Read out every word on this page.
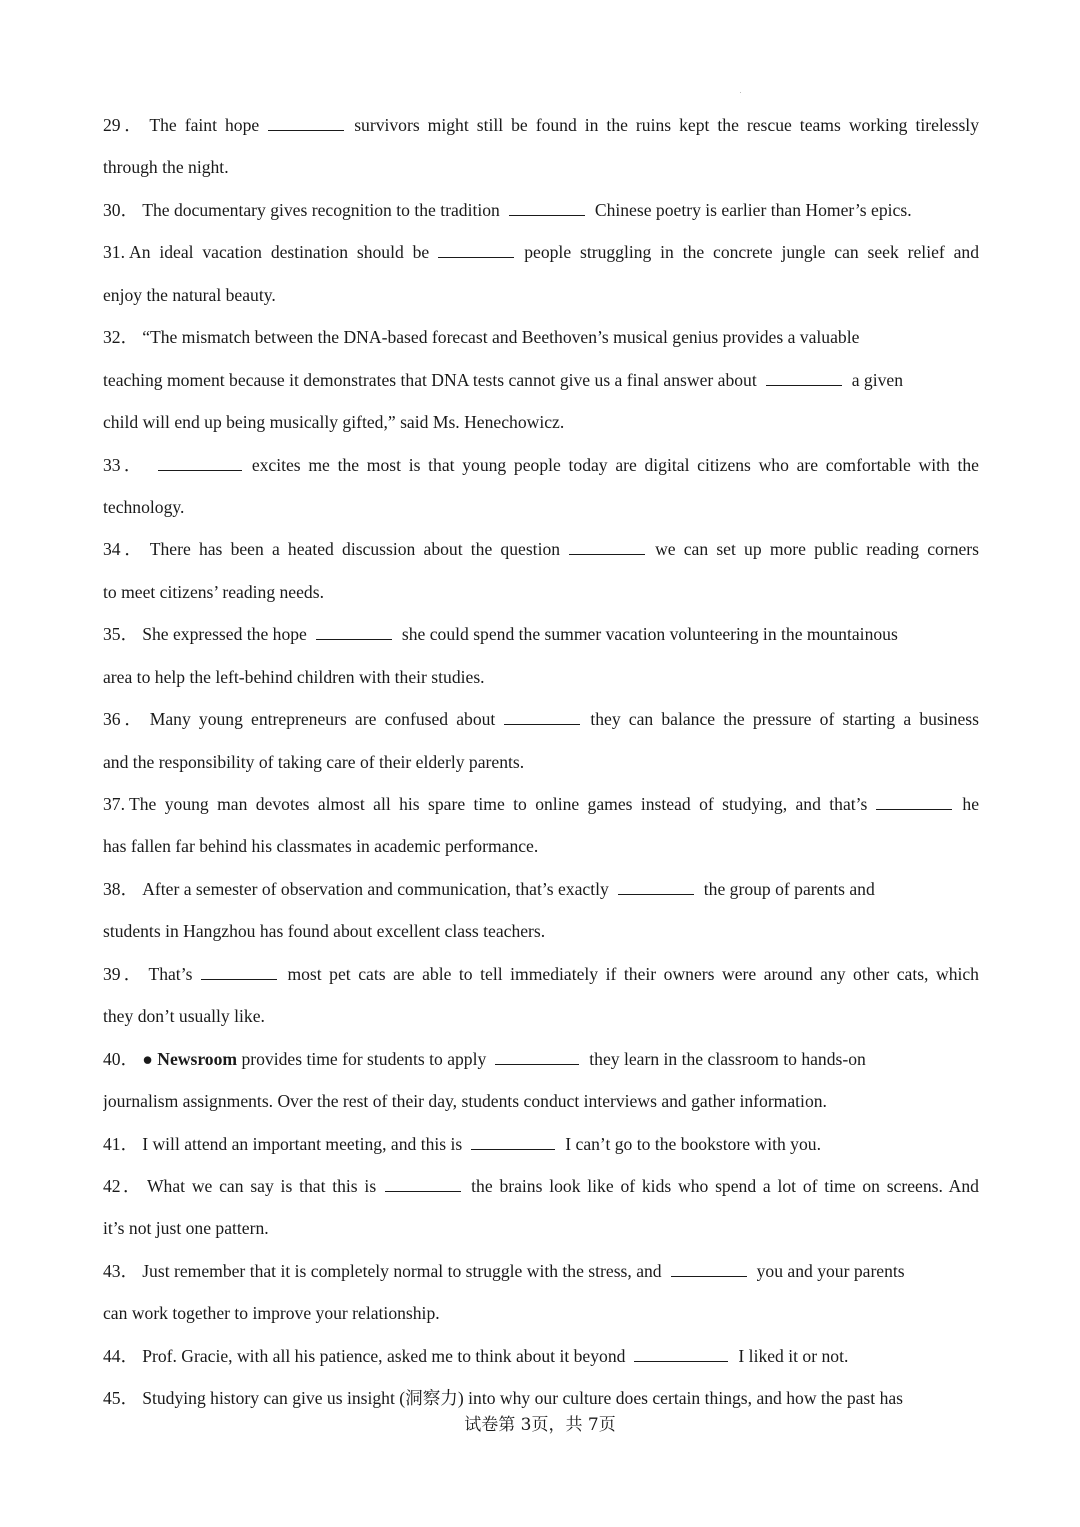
29． The faint hope	survivors might still be found in the ruins kept the rescue teams working tirelessly
through the night.
30． The documentary gives recognition to the tradition	Chinese poetry is earlier than Homer’s epics.
31. An ideal vacation destination should be	people struggling in the concrete jungle can seek relief and
enjoy the natural beauty.
32． “The mismatch between the DNA-based forecast and Beethoven’s musical genius provides a valuable
teaching moment because it demonstrates that DNA tests cannot give us a final answer about	a given
child will end up being musically gifted,” said Ms. Henechowicz.
33．	excites me the most is that young people today are digital citizens who are comfortable with the
technology.
34． There has been a heated discussion about the question	we can set up more public reading corners
to meet citizens’ reading needs.
35． She expressed the hope	she could spend the summer vacation volunteering in the mountainous
area to help the left-behind children with their studies.
36． Many young entrepreneurs are confused about	they can balance the pressure of starting a business
and the responsibility of taking care of their elderly parents.
37. The young man devotes almost all his spare time to online games instead of studying, and that’s	he
has fallen far behind his classmates in academic performance.
38． After a semester of observation and communication, that’s exactly	the group of parents and
students in Hangzhou has found about excellent class teachers.
39． That’s	most pet cats are able to tell immediately if their owners were around any other cats, which
they don’t usually like.
40． ● Newsroom provides time for students to apply	they learn in the classroom to hands-on
journalism assignments. Over the rest of their day, students conduct interviews and gather information.
41． I will attend an important meeting, and this is	I can’t go to the bookstore with you.
42． What we can say is that this is	the brains look like of kids who spend a lot of time on screens. And
it’s not just one pattern.
43． Just remember that it is completely normal to struggle with the stress, and	you and your parents
can work together to improve your relationship.
44． Prof. Gracie, with all his patience, asked me to think about it beyond	I liked it or not.
45． Studying history can give us insight (洞察力) into why our culture does certain things, and how the past has
试卷第 3页，共 7页
